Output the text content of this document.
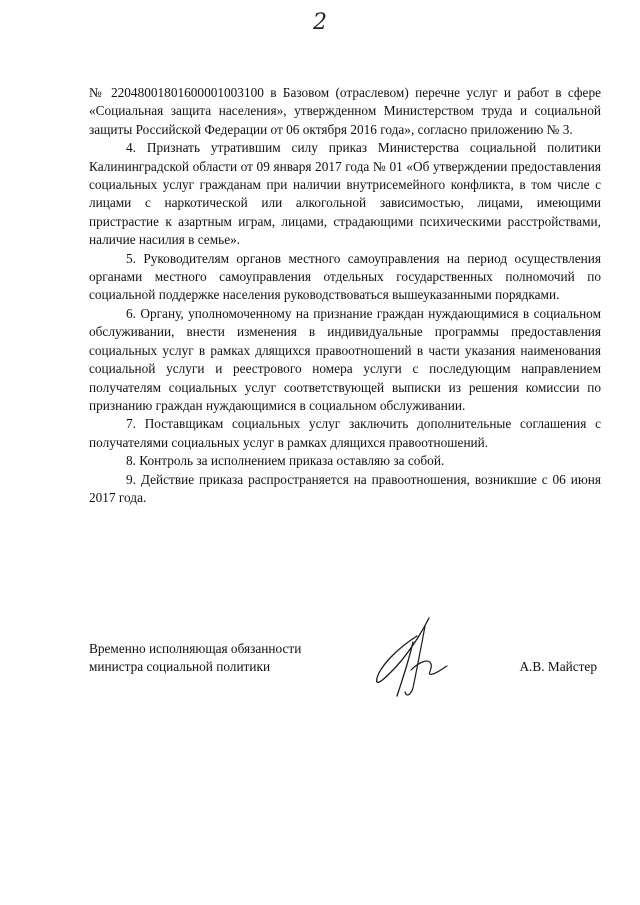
2

№ 22048001801600001003100 в Базовом (отраслевом) перечне услуг и работ в сфере «Социальная защита населения», утвержденном Министерством труда и социальной защиты Российской Федерации от 06 октября 2016 года», согласно приложению № 3.

4. Признать утратившим силу приказ Министерства социальной политики Калининградской области от 09 января 2017 года № 01 «Об утверждении предоставления социальных услуг гражданам при наличии внутрисемейного конфликта, в том числе с лицами с наркотической или алкогольной зависимостью, лицами, имеющими пристрастие к азартным играм, лицами, страдающими психическими расстройствами, наличие насилия в семье».

5. Руководителям органов местного самоуправления на период осуществления органами местного самоуправления отдельных государственных полномочий по социальной поддержке населения руководствоваться вышеуказанными порядками.

6. Органу, уполномоченному на признание граждан нуждающимися в социальном обслуживании, внести изменения в индивидуальные программы предоставления социальных услуг в рамках длящихся правоотношений в части указания наименования социальной услуги и реестрового номера услуги с последующим направлением получателям социальных услуг соответствующей выписки из решения комиссии по признанию граждан нуждающимися в социальном обслуживании.

7. Поставщикам социальных услуг заключить дополнительные соглашения с получателями социальных услуг в рамках длящихся правоотношений.

8. Контроль за исполнением приказа оставляю за собой.

9. Действие приказа распространяется на правоотношения, возникшие с 06 июня 2017 года.

Временно исполняющая обязанности
министра социальной политики	А.В. Майстер
